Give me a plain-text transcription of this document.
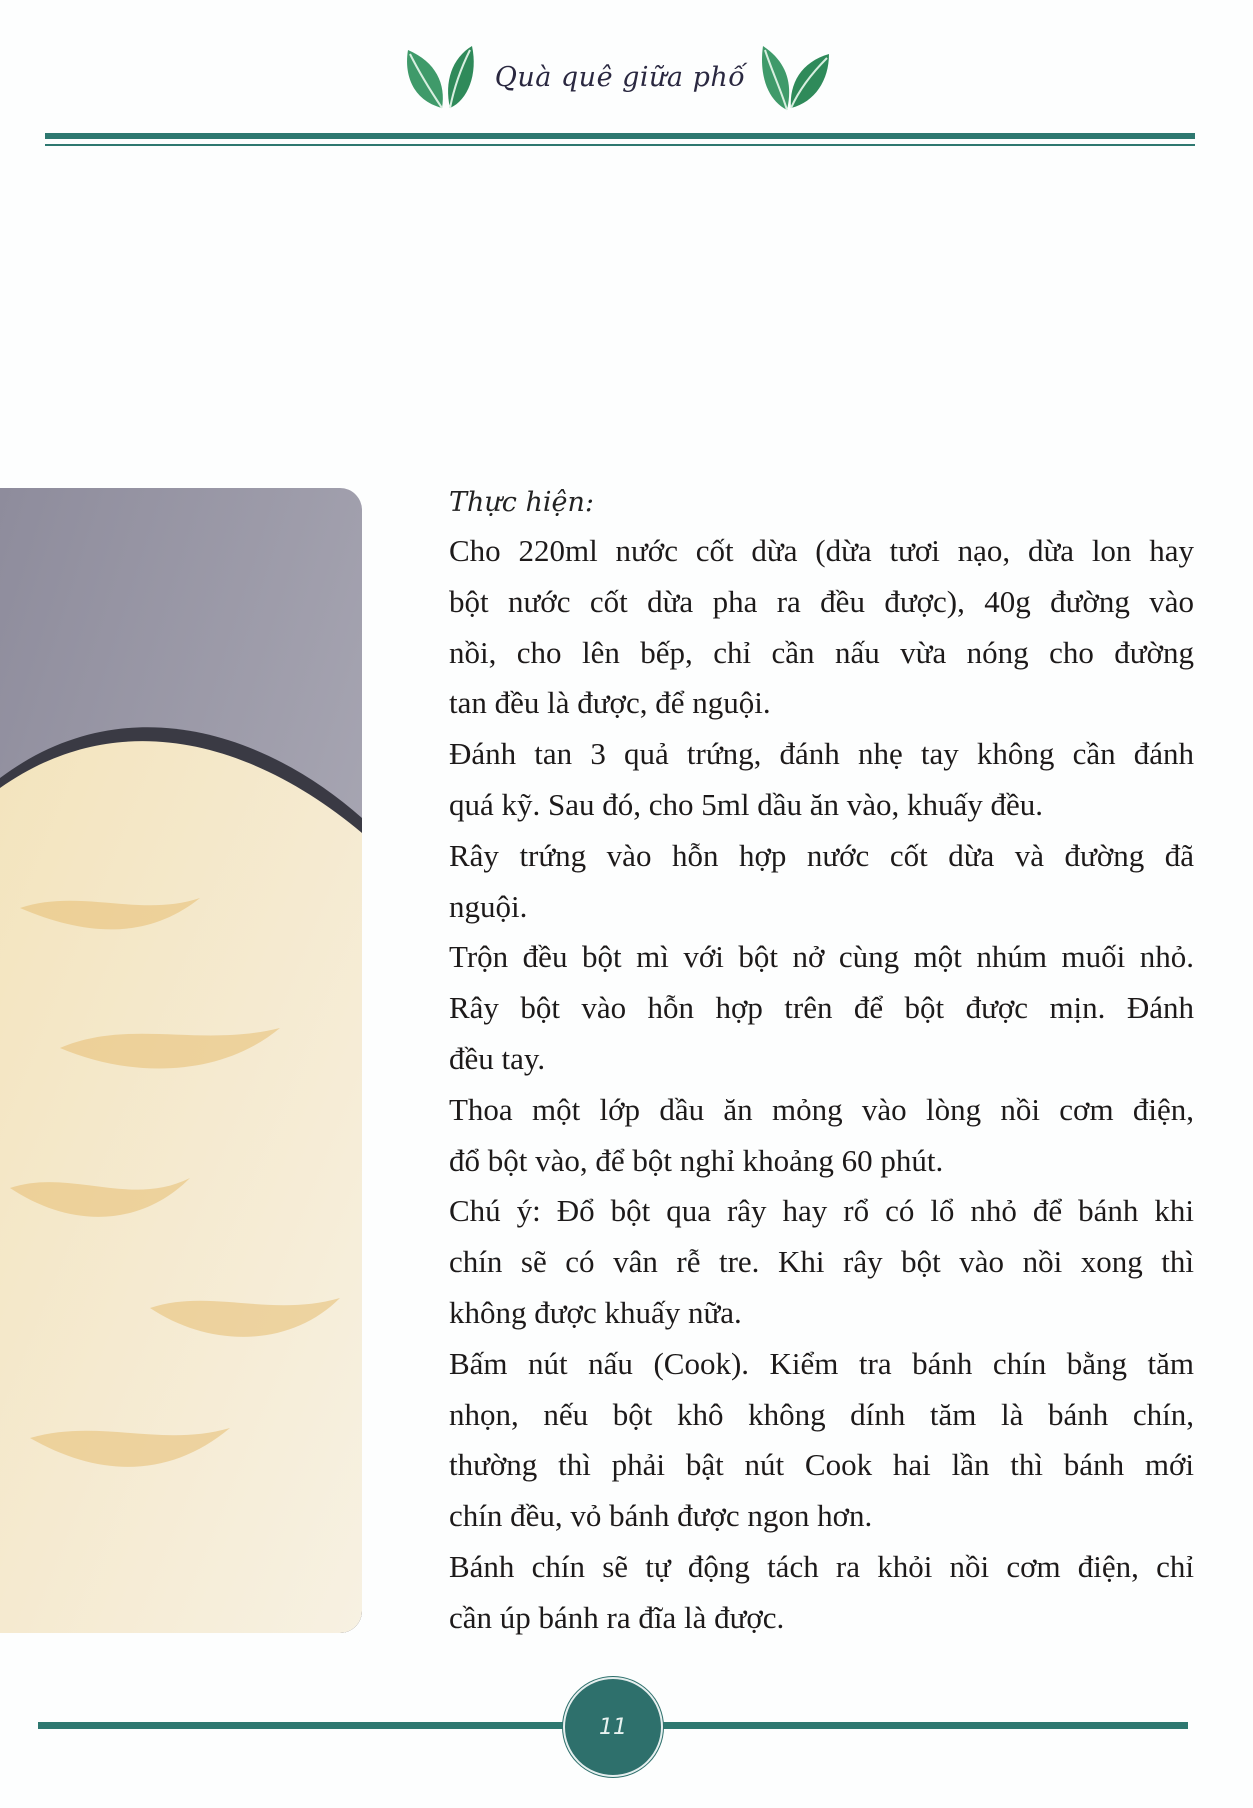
Quà quê giữa phố
Thực hiện:
Cho 220ml nước cốt dừa (dừa tươi nạo, dừa lon hay
bột nước cốt dừa pha ra đều được), 40g đường vào
nồi, cho lên bếp, chỉ cần nấu vừa nóng cho đường
tan đều là được, để nguội.
Đánh tan 3 quả trứng, đánh nhẹ tay không cần đánh
quá kỹ. Sau đó, cho 5ml dầu ăn vào, khuấy đều.
Rây trứng vào hỗn hợp nước cốt dừa và đường đã
nguội.
Trộn đều bột mì với bột nở cùng một nhúm muối nhỏ.
Rây bột vào hỗn hợp trên để bột được mịn. Đánh
đều tay.
Thoa một lớp dầu ăn mỏng vào lòng nồi cơm điện,
đổ bột vào, để bột nghỉ khoảng 60 phút.
Chú ý: Đổ bột qua rây hay rổ có lổ nhỏ để bánh khi
chín sẽ có vân rễ tre. Khi rây bột vào nồi xong thì
không được khuấy nữa.
Bấm nút nấu (Cook). Kiểm tra bánh chín bằng tăm
nhọn, nếu bột khô không dính tăm là bánh chín,
thường thì phải bật nút Cook hai lần thì bánh mới
chín đều, vỏ bánh được ngon hơn.
Bánh chín sẽ tự động tách ra khỏi nồi cơm điện, chỉ
cần úp bánh ra đĩa là được.
11
